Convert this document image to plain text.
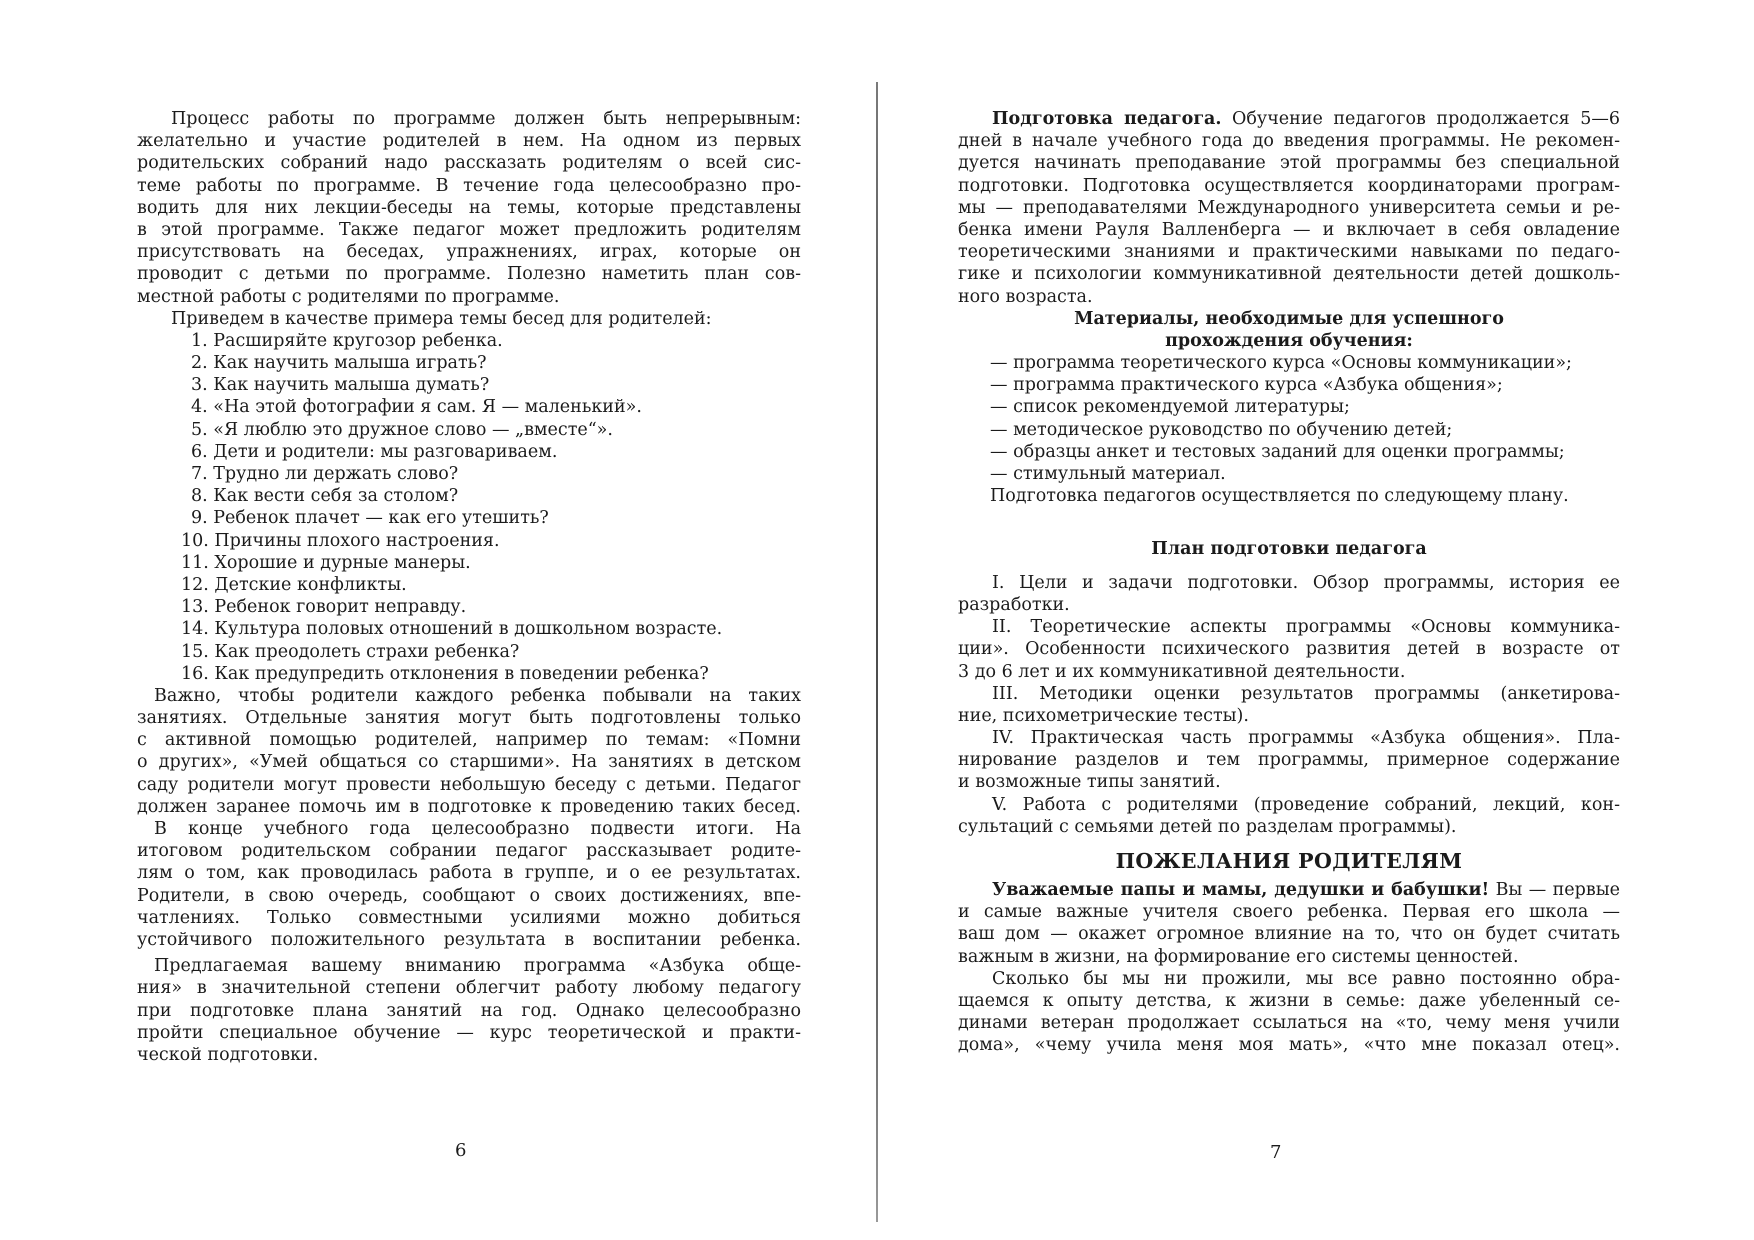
Процесс работы по программе должен быть непрерывным:
желательно и участие родителей в нем. На одном из первых
родительских собраний надо рассказать родителям о всей сис-
теме работы по программе. В течение года целесообразно про-
водить для них лекции-беседы на темы, которые представлены
в этой программе. Также педагог может предложить родителям
присутствовать на беседах, упражнениях, играх, которые он
проводит с детьми по программе. Полезно наметить план сов-
местной работы с родителями по программе.
Приведем в качестве примера темы бесед для родителей:
1. Расширяйте кругозор ребенка.
2. Как научить малыша играть?
3. Как научить малыша думать?
4. «На этой фотографии я сам. Я — маленький».
5. «Я люблю это дружное слово — „вместе“».
6. Дети и родители: мы разговариваем.
7. Трудно ли держать слово?
8. Как вести себя за столом?
9. Ребенок плачет — как его утешить?
10. Причины плохого настроения.
11. Хорошие и дурные манеры.
12. Детские конфликты.
13. Ребенок говорит неправду.
14. Культура половых отношений в дошкольном возрасте.
15. Как преодолеть страхи ребенка?
16. Как предупредить отклонения в поведении ребенка?
Важно, чтобы родители каждого ребенка побывали на таких
занятиях. Отдельные занятия могут быть подготовлены только
с активной помощью родителей, например по темам: «Помни
о других», «Умей общаться со старшими». На занятиях в детском
саду родители могут провести небольшую беседу с детьми. Педагог
должен заранее помочь им в подготовке к проведению таких бесед.
В конце учебного года целесообразно подвести итоги. На
итоговом родительском собрании педагог рассказывает родите-
лям о том, как проводилась работа в группе, и о ее результатах.
Родители, в свою очередь, сообщают о своих достижениях, впе-
чатлениях. Только совместными усилиями можно добиться
устойчивого положительного результата в воспитании ребенка.
Предлагаемая вашему вниманию программа «Азбука обще-
ния» в значительной степени облегчит работу любому педагогу
при подготовке плана занятий на год. Однако целесообразно
пройти специальное обучение — курс теоретической и практи-
ческой подготовки.
6
Подготовка педагога. Обучение педагогов продолжается 5—6
дней в начале учебного года до введения программы. Не рекомен-
дуется начинать преподавание этой программы без специальной
подготовки. Подготовка осуществляется координаторами програм-
мы — преподавателями Международного университета семьи и ре-
бенка имени Рауля Валленберга — и включает в себя овладение
теоретическими знаниями и практическими навыками по педаго-
гике и психологии коммуникативной деятельности детей дошколь-
ного возраста.
Материалы, необходимые для успешного
прохождения обучения:
— программа теоретического курса «Основы коммуникации»;
— программа практического курса «Азбука общения»;
— список рекомендуемой литературы;
— методическое руководство по обучению детей;
— образцы анкет и тестовых заданий для оценки программы;
— стимульный материал.
Подготовка педагогов осуществляется по следующему плану.
План подготовки педагога
I. Цели и задачи подготовки. Обзор программы, история ее
разработки.
II. Теоретические аспекты программы «Основы коммуника-
ции». Особенности психического развития детей в возрасте от
3 до 6 лет и их коммуникативной деятельности.
III. Методики оценки результатов программы (анкетирова-
ние, психометрические тесты).
IV. Практическая часть программы «Азбука общения». Пла-
нирование разделов и тем программы, примерное содержание
и возможные типы занятий.
V. Работа с родителями (проведение собраний, лекций, кон-
сультаций с семьями детей по разделам программы).
ПОЖЕЛАНИЯ РОДИТЕЛЯМ
Уважаемые папы и мамы, дедушки и бабушки! Вы — первые
и самые важные учителя своего ребенка. Первая его школа —
ваш дом — окажет огромное влияние на то, что он будет считать
важным в жизни, на формирование его системы ценностей.
Сколько бы мы ни прожили, мы все равно постоянно обра-
щаемся к опыту детства, к жизни в семье: даже убеленный се-
динами ветеран продолжает ссылаться на «то, чему меня учили
дома», «чему учила меня моя мать», «что мне показал отец».
7
